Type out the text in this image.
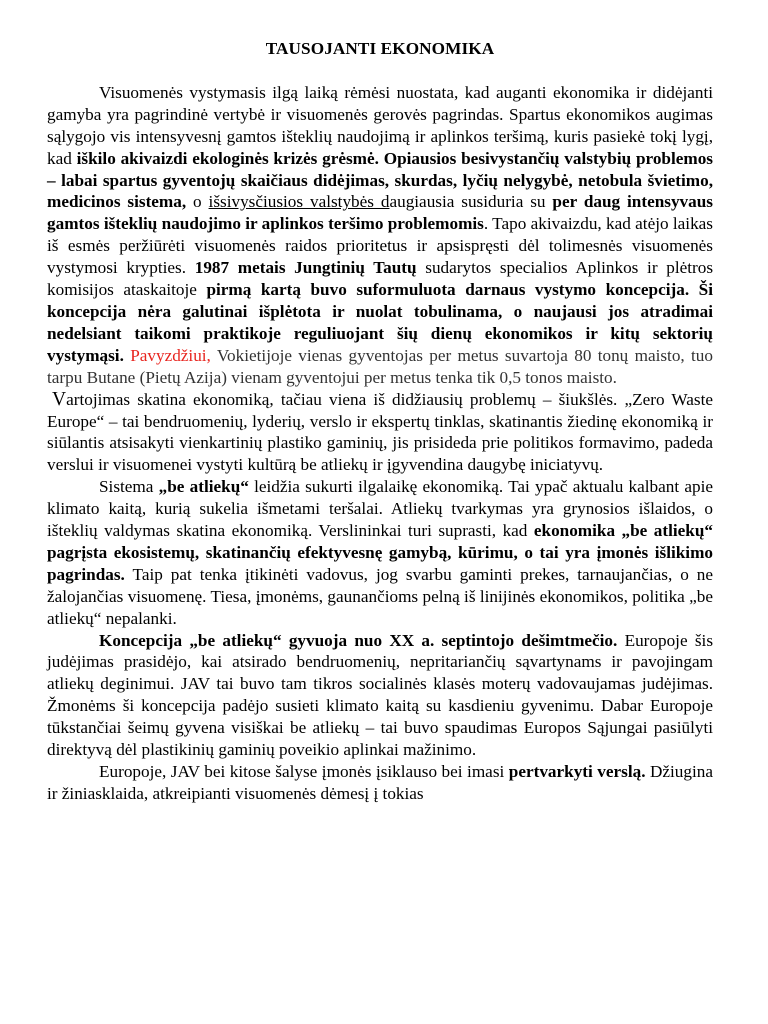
TAUSOJANTI EKONOMIKA

Visuomenės vystymasis ilgą laiką rėmėsi nuostata, kad auganti ekonomika ir didėjanti gamyba yra pagrindinė vertybė ir visuomenės gerovės pagrindas. Spartus ekonomikos augimas sąlygojo vis intensyvesnį gamtos išteklių naudojimą ir aplinkos teršimą, kuris pasiekė tokį lygį, kad iškilo akivaizdi ekologinės krizės grėsmė. Opiausios besivystančių valstybių problemos – labai spartus gyventojų skaičiaus didėjimas, skurdas, lyčių nelygybė, netobula švietimo, medicinos sistema, o išsivysčiusios valstybės daugiausia susiduria su per daug intensyvaus gamtos išteklių naudojimo ir aplinkos teršimo problemomis. Tapo akivaizdu, kad atėjo laikas iš esmės peržiūrėti visuomenės raidos prioritetus ir apsispręsti dėl tolimesnės visuomenės vystymosi krypties. 1987 metais Jungtinių Tautų sudarytos specialios Aplinkos ir plėtros komisijos ataskaitoje pirmą kartą buvo suformuluota darnaus vystymo koncepcija. Ši koncepcija nėra galutinai išplėtota ir nuolat tobulinama, o naujausi jos atradimai nedelsiant taikomi praktikoje reguliuojant šių dienų ekonomikos ir kitų sektorių vystymąsi. Pavyzdžiui, Vokietijoje vienas gyventojas per metus suvartoja 80 tonų maisto, tuo tarpu Butane (Pietų Azija) vienam gyventojui per metus tenka tik 0,5 tonos maisto.

Vartojimas skatina ekonomiką, tačiau viena iš didžiausių problemų – šiukšlės. „Zero Waste Europe“ – tai bendruomenių, lyderių, verslo ir ekspertų tinklas, skatinantis žiedinę ekonomiką ir siūlantis atsisakyti vienkartinių plastiko gaminių, jis prisideda prie politikos formavimo, padeda verslui ir visuomenei vystyti kultūrą be atliekų ir įgyvendina daugybę iniciatyvų.

Sistema „be atliekų“ leidžia sukurti ilgalaikę ekonomiką. Tai ypač aktualu kalbant apie klimato kaitą, kurią sukelia išmetami teršalai. Atliekų tvarkymas yra grynosios išlaidos, o išteklių valdymas skatina ekonomiką. Verslininkai turi suprasti, kad ekonomika „be atliekų“ pagrįsta ekosistemų, skatinančių efektyvesnę gamybą, kūrimu, o tai yra įmonės išlikimo pagrindas. Taip pat tenka įtikinėti vadovus, jog svarbu gaminti prekes, tarnaujančias, o ne žalojančias visuomenę. Tiesa, įmonėms, gaunančioms pelną iš linijinės ekonomikos, politika „be atliekų“ nepalanki.

Koncepcija „be atliekų“ gyvuoja nuo XX a. septintojo dešimtmečio. Europoje šis judėjimas prasidėjo, kai atsirado bendruomenių, nepritariančių sąvartynams ir pavojingam atliekų deginimui. JAV tai buvo tam tikros socialinės klasės moterų vadovaujamas judėjimas. Žmonėms ši koncepcija padėjo susieti klimato kaitą su kasdieniu gyvenimu. Dabar Europoje tūkstančiai šeimų gyvena visiškai be atliekų – tai buvo spaudimas Europos Sąjungai pasiūlyti direktyvą dėl plastikinių gaminių poveikio aplinkai mažinimo.

Europoje, JAV bei kitose šalyse įmonės įsiklauso bei imasi pertvarkyti verslą. Džiugina ir žiniasklaida, atkreipianti visuomenės dėmesį į tokias
